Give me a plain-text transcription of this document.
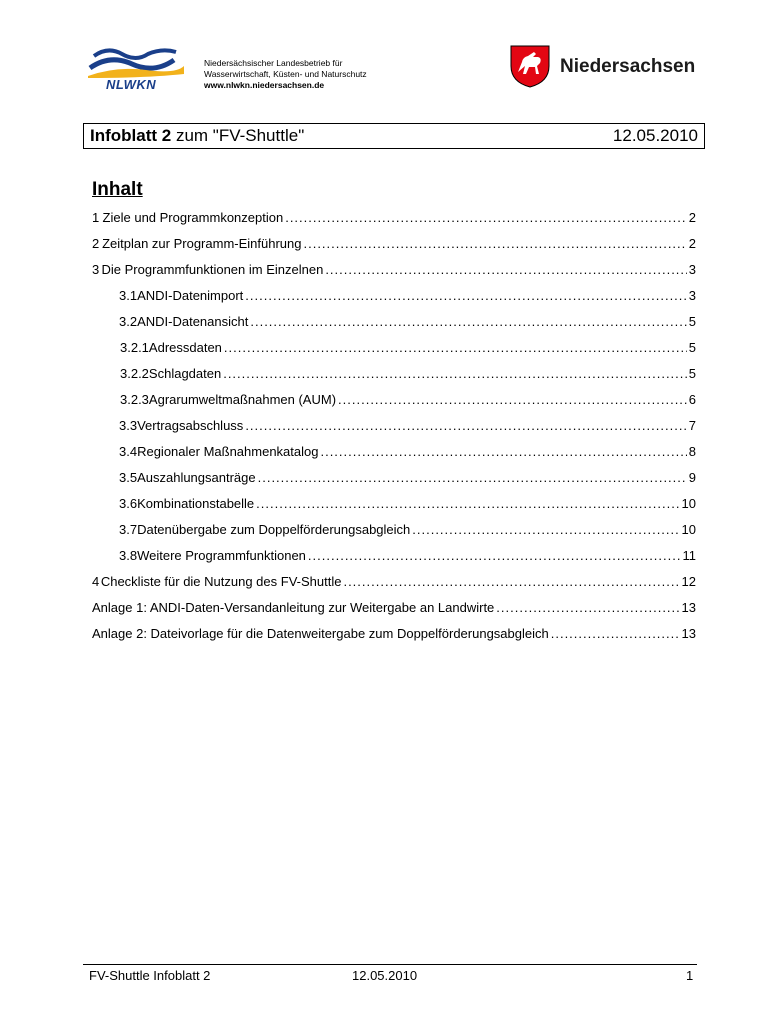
NLWKN
Niedersächsischer Landesbetrieb für
Wasserwirtschaft, Küsten- und Naturschutz
www.nlwkn.niedersachsen.de
Niedersachsen
Infoblatt 2 zum "FV-Shuttle"	12.05.2010
Inhalt
1 Ziele und Programmkonzeption .....	2
2 Zeitplan zur Programm-Einführung .....	2
3 Die Programmfunktionen im Einzelnen .....	3
3.1 ANDI-Datenimport .....	3
3.2 ANDI-Datenansicht .....	5
3.2.1 Adressdaten .....	5
3.2.2 Schlagdaten .....	5
3.2.3 Agrarumweltmaßnahmen (AUM) .....	6
3.3 Vertragsabschluss .....	7
3.4 Regionaler Maßnahmenkatalog .....	8
3.5 Auszahlungsanträge .....	9
3.6 Kombinationstabelle .....	10
3.7 Datenübergabe zum Doppelförderungsabgleich .....	10
3.8 Weitere Programmfunktionen .....	11
4 Checkliste für die Nutzung des FV-Shuttle .....	12
Anlage 1: ANDI-Daten-Versandanleitung zur Weitergabe an Landwirte .....	13
Anlage 2: Dateivorlage für die Datenweitergabe zum Doppelförderungsabgleich .....	13
FV-Shuttle Infoblatt 2	12.05.2010	1
